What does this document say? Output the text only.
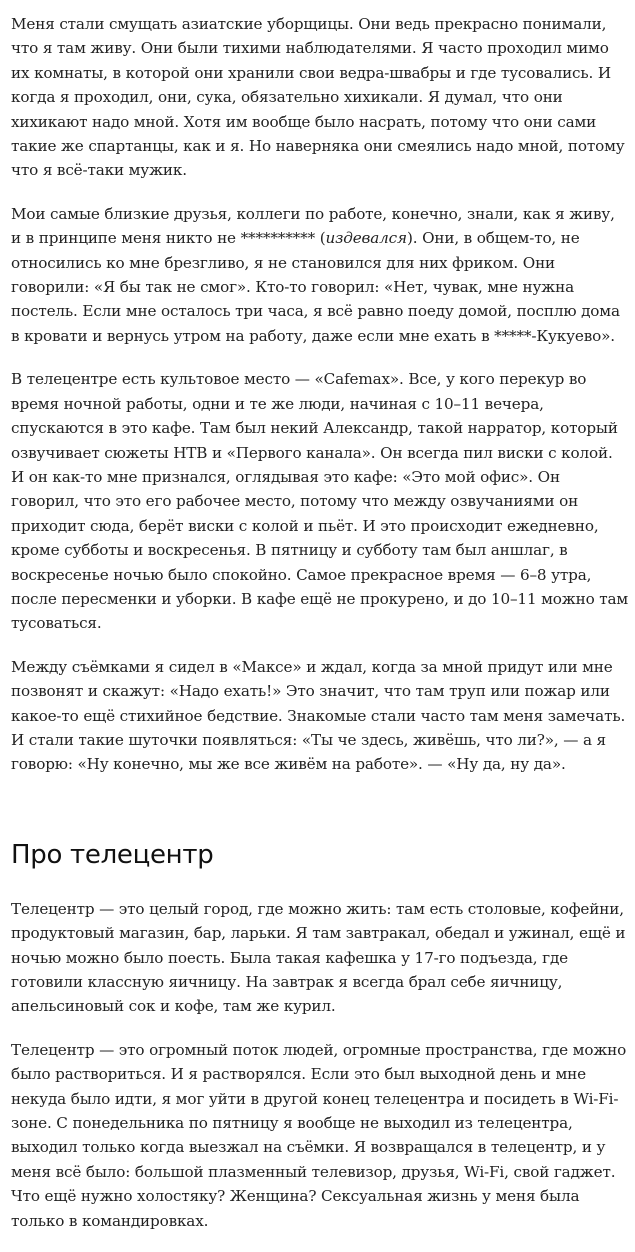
Меня стали смущать азиатские уборщицы. Они ведь прекрасно понимали, что я там живу. Они были тихими наблюдателями. Я часто проходил мимо их комнаты, в которой они хранили свои ведра-швабры и где тусовались. И когда я проходил, они, сука, обязательно хихикали. Я думал, что они хихикают надо мной. Хотя им вообще было насрать, потому что они сами такие же спартанцы, как и я. Но наверняка они смеялись надо мной, потому что я всё-таки мужик.

Мои самые близкие друзья, коллеги по работе, конечно, знали, как я живу, и в принципе меня никто не ********** (издевался). Они, в общем-то, не относились ко мне брезгливо, я не становился для них фриком. Они говорили: «Я бы так не смог». Кто-то говорил: «Нет, чувак, мне нужна постель. Если мне осталось три часа, я всё равно поеду домой, посплю дома в кровати и вернусь утром на работу, даже если мне ехать в *****-Кукуево».

В телецентре есть культовое место — «Cafemax». Все, у кого перекур во время ночной работы, одни и те же люди, начиная с 10–11 вечера, спускаются в это кафе. Там был некий Александр, такой нарратор, который озвучивает сюжеты НТВ и «Первого канала». Он всегда пил виски с колой. И он как-то мне признался, оглядывая это кафе: «Это мой офис». Он говорил, что это его рабочее место, потому что между озвучаниями он приходит сюда, берёт виски с колой и пьёт. И это происходит ежедневно, кроме субботы и воскресенья. В пятницу и субботу там был аншлаг, в воскресенье ночью было спокойно. Самое прекрасное время — 6–8 утра, после пересменки и уборки. В кафе ещё не прокурено, и до 10–11 можно там тусоваться.

Между съёмками я сидел в «Максе» и ждал, когда за мной придут или мне позвонят и скажут: «Надо ехать!» Это значит, что там труп или пожар или какое-то ещё стихийное бедствие. Знакомые стали часто там меня замечать. И стали такие шуточки появляться: «Ты че здесь, живёшь, что ли?», — а я говорю: «Ну конечно, мы же все живём на работе». — «Ну да, ну да».

Про телецентр

Телецентр — это целый город, где можно жить: там есть столовые, кофейни, продуктовый магазин, бар, ларьки. Я там завтракал, обедал и ужинал, ещё и ночью можно было поесть. Была такая кафешка у 17-го подъезда, где готовили классную яичницу. На завтрак я всегда брал себе яичницу, апельсиновый сок и кофе, там же курил.

Телецентр — это огромный поток людей, огромные пространства, где можно было раствориться. И я растворялся. Если это был выходной день и мне некуда было идти, я мог уйти в другой конец телецентра и посидеть в Wi-Fi-зоне. С понедельника по пятницу я вообще не выходил из телецентра, выходил только когда выезжал на съёмки. Я возвращался в телецентр, и у меня всё было: большой плазменный телевизор, друзья, Wi-Fi, свой гаджет. Что ещё нужно холостяку? Женщина? Сексуальная жизнь у меня была только в командировках.
